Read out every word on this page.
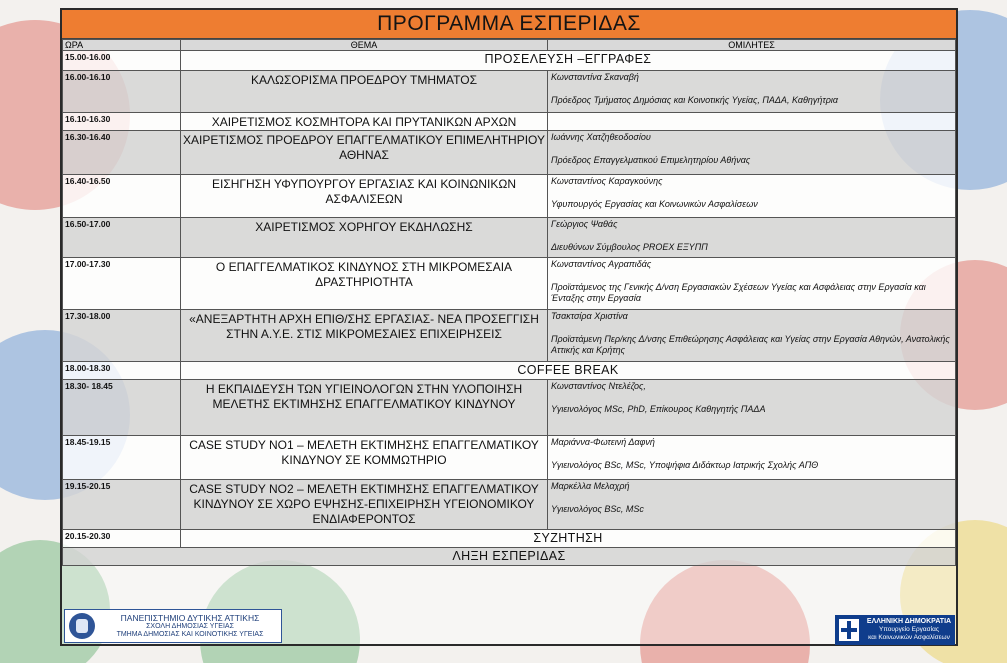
ΠΡΟΓΡΑΜΜΑ ΕΣΠΕΡΙΔΑΣ
ΩΡΑ	ΘΕΜΑ	ΟΜΙΛΗΤΕΣ
15.00-16.00	ΠΡΟΣΕΛΕΥΣΗ –ΕΓΓΡΑΦΕΣ	
16.00-16.10	ΚΑΛΩΣΟΡΙΣΜΑ ΠΡΟΕΔΡΟΥ ΤΜΗΜΑΤΟΣ	Κωνσταντίνα Σκαναβή
Πρόεδρος Τμήματος Δημόσιας και Κοινοτικής Υγείας, ΠΑΔΑ, Καθηγήτρια

16.10-16.30	ΧΑΙΡΕΤΙΣΜΟΣ ΚΟΣΜΗΤΟΡΑ ΚΑΙ ΠΡΥΤΑΝΙΚΩΝ ΑΡΧΩΝ	
16.30-16.40	ΧΑΙΡΕΤΙΣΜΟΣ ΠΡΟΕΔΡΟΥ ΕΠΑΓΓΕΛΜΑΤΙΚΟΥ ΕΠΙΜΕΛΗΤΗΡΙΟΥ ΑΘΗΝΑΣ	Ιωάννης Χατζηθεοδοσίου
Πρόεδρος Επαγγελματικού Επιμελητηρίου Αθήνας

16.40-16.50	ΕΙΣΗΓΗΣΗ ΥΦΥΠΟΥΡΓΟΥ ΕΡΓΑΣΙΑΣ ΚΑΙ ΚΟΙΝΩΝΙΚΩΝ ΑΣΦΑΛΙΣΕΩΝ	Κωνσταντίνος Καραγκούνης
Υφυπουργός Εργασίας και Κοινωνικών Ασφαλίσεων

16.50-17.00	ΧΑΙΡΕΤΙΣΜΟΣ ΧΟΡΗΓΟΥ ΕΚΔΗΛΩΣΗΣ	Γεώργιος Ψαθάς
Διευθύνων Σύμβουλος PROEX ΕΞΥΠΠ

17.00-17.30	Ο ΕΠΑΓΓΕΛΜΑΤΙΚΟΣ ΚΙΝΔΥΝΟΣ ΣΤΗ ΜΙΚΡΟΜΕΣΑΙΑ ΔΡΑΣΤΗΡΙΟΤΗΤΑ	Κωνσταντίνος Αγραπιδάς
Προϊστάμενος της Γενικής Δ/νση Εργασιακών Σχέσεων Υγείας και Ασφάλειας στην Εργασία και Ένταξης στην Εργασία

17.30-18.00	«ΑΝΕΞΑΡΤΗΤΗ ΑΡΧΗ ΕΠΙΘ/ΣΗΣ ΕΡΓΑΣΙΑΣ- ΝΕΑ ΠΡΟΣΕΓΓΙΣΗ ΣΤΗΝ Α.Υ.Ε. ΣΤΙΣ ΜΙΚΡΟΜΕΣΑΙΕΣ ΕΠΙΧΕΙΡΗΣΕΙΣ	Τσακτσίρα Χριστίνα
Προϊστάμενη Περ/κης Δ/νσης Επιθεώρησης Ασφάλειας και Υγείας στην Εργασία Αθηνών, Ανατολικής Αττικής και Κρήτης

18.00-18.30	COFFEE BREAK	
18.30- 18.45	Η ΕΚΠΑΙΔΕΥΣΗ ΤΩΝ ΥΓΙΕΙΝΟΛΟΓΩΝ ΣΤΗΝ ΥΛΟΠΟΙΗΣΗ ΜΕΛΕΤΗΣ ΕΚΤΙΜΗΣΗΣ ΕΠΑΓΓΕΛΜΑΤΙΚΟΥ ΚΙΝΔΥΝΟΥ	Κωνσταντίνος Ντελέζος,
Υγιεινολόγος MSc, PhD, Επίκουρος Καθηγητής ΠΑΔΑ

18.45-19.15	CASE STUDY NO1 – ΜΕΛΕΤΗ ΕΚΤΙΜΗΣΗΣ ΕΠΑΓΓΕΛΜΑΤΙΚΟΥ ΚΙΝΔΥΝΟΥ ΣΕ ΚΟΜΜΩΤΗΡΙΟ	Μαριάννα-Φωτεινή Δαφνή
Υγιεινολόγος BSc, MSc, Υποψήφια Διδάκτωρ Ιατρικής Σχολής ΑΠΘ

19.15-20.15	CASE STUDY NO2 – ΜΕΛΕΤΗ ΕΚΤΙΜΗΣΗΣ ΕΠΑΓΓΕΛΜΑΤΙΚΟΥ ΚΙΝΔΥΝΟΥ ΣΕ ΧΩΡΟ ΕΨΗΣΗΣ-ΕΠΙΧΕΙΡΗΣΗ ΥΓΕΙΟΝΟΜΙΚΟΥ ΕΝΔΙΑΦΕΡΟΝΤΟΣ	Μαρκέλλα Μελαχρή
Υγιεινολόγος BSc, MSc

20.15-20.30	ΣΥΖΗΤΗΣΗ	
ΛΗΞΗ ΕΣΠΕΡΙΔΑΣ		
ΠΑΝΕΠΙΣΤΗΜΙΟ ΔΥΤΙΚΗΣ ΑΤΤΙΚΗΣ
ΣΧΟΛΗ ΔΗΜΟΣΙΑΣ ΥΓΕΙΑΣ
ΤΜΗΜΑ ΔΗΜΟΣΙΑΣ ΚΑΙ ΚΟΙΝΟΤΙΚΗΣ ΥΓΕΙΑΣ
ΕΛΛΗΝΙΚΗ ΔΗΜΟΚΡΑΤΙΑ
Υπουργείο Εργασίας
και Κοινωνικών Ασφαλίσεων
